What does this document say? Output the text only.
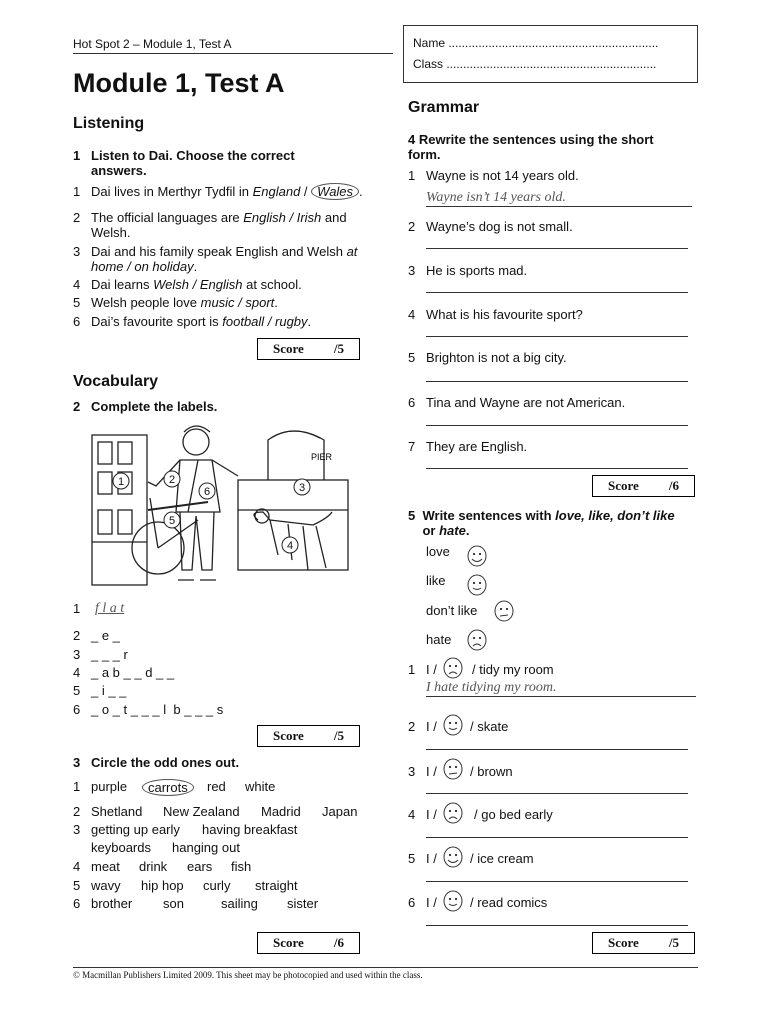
Hot Spot 2 – Module 1, Test A
Module 1, Test A
Name ...............................................................
Class ...............................................................
Listening
1 Listen to Dai. Choose the correct answers.
1 Dai lives in Merthyr Tydfil in England / Wales .
2 The official languages are English / Irish and Welsh.
3 Dai and his family speak English and Welsh at home / on holiday.
4 Dai learns Welsh / English at school.
5 Welsh people love music / sport.
6 Dai’s favourite sport is football / rugby.
Score /5
Vocabulary
2 Complete the labels.
PIER
1	2
3
4
5
6
1	f l a t
2 _ e _
3 _ _ _ r
4 _ a b _ _ d _ _
5 _ i _ _
6 _ o _ t _ _ _ l  b _ _ _ s
Score /5
3 Circle the odd ones out.
1 purple	carrots	red white
2 Shetland New Zealand Madrid Japan
3 getting up early having breakfast
keyboards hanging out
4 meat drink ears fish
5 wavy hip hop curly straight
6 brother son	sailing sister
Score /6
Grammar
4 Rewrite the sentences using the short form.
1 Wayne is not 14 years old.
Wayne isn’t 14 years old.
2 Wayne’s dog is not small.
3 He is sports mad.
4 What is his favourite sport?
5 Brighton is not a big city.
6 Tina and Wayne are not American.
7 They are English.
Score /6
5 Write sentences with love, like, don’t like
or hate.
love
like
don’t like
hate
1 I /	/ tidy my room
I hate tidying my room.
2 I /	/ skate
3 I /	/ brown
4 I /	/ go bed early
5 I /	/ ice cream
6 I /	/ read comics
Score /5
© Macmillan Publishers Limited 2009. This sheet may be photocopied and used within the class.
